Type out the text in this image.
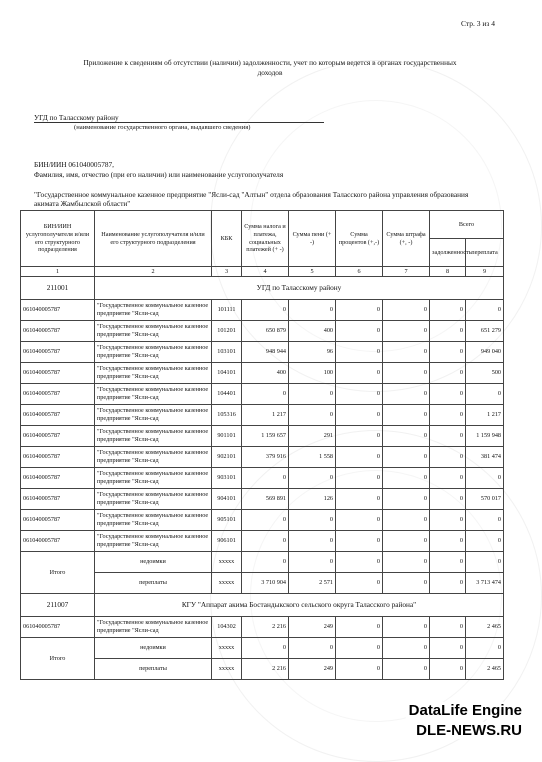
Стр. 3 из 4
Приложение к сведениям об отсутствии (наличии) задолженности, учет по которым ведется в органах государственных доходов
УГД по Таласскому району
(наименование государственного органа, выдавшего сведения)
БИН/ИИН 061040005787,
Фамилия, имя, отчество (при его наличии) или наименование услугополучателя
"Государственное коммунальное казенное предприятие "Ясли-сад "Алтын" отдела образования Таласского района управления образования акимата Жамбылской области"
БИН/ИИН услугополучателя и/или его структурного подразделения	Наименование услугополучателя и/или его структурного подразделения	КБК	Сумма налога и платежа, социальных платежей (+ -)	Сумма пени (+ -)	Сумма процентов (+,-)	Сумма штрафа (+, -)	Всего	
							задолженность	переплата
1	2	3	4	5	6	7	8	9
211001	УГД по Таласскому району							
061040005787	"Государственное коммунальное казенное предприятие "Ясли-сад	101111	0	0	0	0	0	0
061040005787	"Государственное коммунальное казенное предприятие "Ясли-сад	101201	650 879	400	0	0	0	651 279
061040005787	"Государственное коммунальное казенное предприятие "Ясли-сад	103101	948 944	96	0	0	0	949 040
061040005787	"Государственное коммунальное казенное предприятие "Ясли-сад	104101	400	100	0	0	0	500
061040005787	"Государственное коммунальное казенное предприятие "Ясли-сад	104401	0	0	0	0	0	0
061040005787	"Государственное коммунальное казенное предприятие "Ясли-сад	105316	1 217	0	0	0	0	1 217
061040005787	"Государственное коммунальное казенное предприятие "Ясли-сад	901101	1 159 657	291	0	0	0	1 159 948
061040005787	"Государственное коммунальное казенное предприятие "Ясли-сад	902101	379 916	1 558	0	0	0	381 474
061040005787	"Государственное коммунальное казенное предприятие "Ясли-сад	903101	0	0	0	0	0	0
061040005787	"Государственное коммунальное казенное предприятие "Ясли-сад	904101	569 891	126	0	0	0	570 017
061040005787	"Государственное коммунальное казенное предприятие "Ясли-сад	905101	0	0	0	0	0	0
061040005787	"Государственное коммунальное казенное предприятие "Ясли-сад	906101	0	0	0	0	0	0
Итого	недоимки	ххххх	0	0	0	0	0	0
	переплаты	ххххх	3 710 904	2 571	0	0	0	3 713 474
211007	КГУ "Аппарат акима Бостандыкского сельского округа Таласского района"							
061040005787	"Государственное коммунальное казенное предприятие "Ясли-сад	104302	2 216	249	0	0	0	2 465
Итого	недоимки	ххххх	0	0	0	0	0	0
	переплаты	ххххх	2 216	249	0	0	0	2 465
DataLife Engine
DLE-NEWS.RU
